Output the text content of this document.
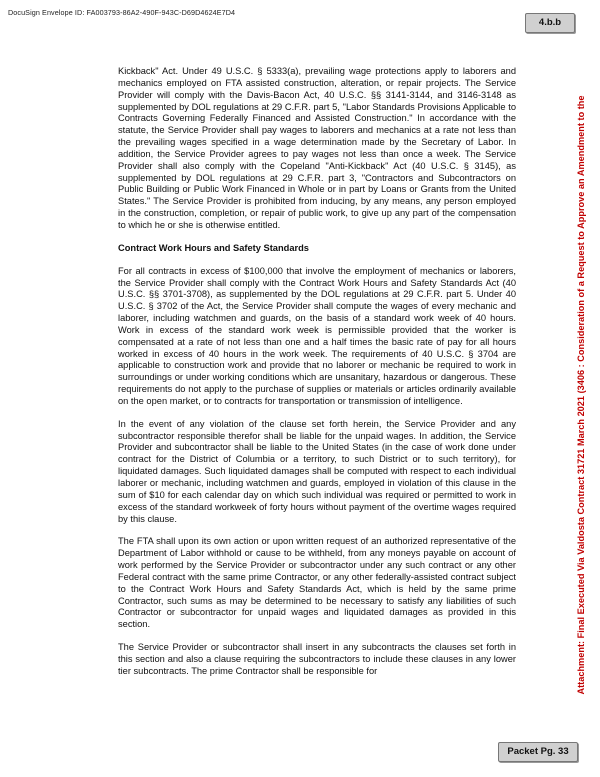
DocuSign Envelope ID: FA003793-86A2-490F-943C-D69D4624E7D4
4.b.b
Attachment: Final Executed Via Valdosta Contract 31721 March 2021 (3406 : Consideration of a Request to Approve an Amendment to the

Kickback" Act. Under 49 U.S.C. § 5333(a), prevailing wage protections apply to laborers and mechanics employed on FTA assisted construction, alteration, or repair projects. The Service Provider will comply with the Davis-Bacon Act, 40 U.S.C. §§ 3141-3144, and 3146-3148 as supplemented by DOL regulations at 29 C.F.R. part 5, "Labor Standards Provisions Applicable to Contracts Governing Federally Financed and Assisted Construction." In accordance with the statute, the Service Provider shall pay wages to laborers and mechanics at a rate not less than the prevailing wages specified in a wage determination made by the Secretary of Labor. In addition, the Service Provider agrees to pay wages not less than once a week. The Service Provider shall also comply with the Copeland "Anti-Kickback" Act (40 U.S.C. § 3145), as supplemented by DOL regulations at 29 C.F.R. part 3, "Contractors and Subcontractors on Public Building or Public Work Financed in Whole or in part by Loans or Grants from the United States." The Service Provider is prohibited from inducing, by any means, any person employed in the construction, completion, or repair of public work, to give up any part of the compensation to which he or she is otherwise entitled.

Contract Work Hours and Safety Standards

For all contracts in excess of $100,000 that involve the employment of mechanics or laborers, the Service Provider shall comply with the Contract Work Hours and Safety Standards Act (40 U.S.C. §§ 3701-3708), as supplemented by the DOL regulations at 29 C.F.R. part 5. Under 40 U.S.C. § 3702 of the Act, the Service Provider shall compute the wages of every mechanic and laborer, including watchmen and guards, on the basis of a standard work week of 40 hours. Work in excess of the standard work week is permissible provided that the worker is compensated at a rate of not less than one and a half times the basic rate of pay for all hours worked in excess of 40 hours in the work week. The requirements of 40 U.S.C. § 3704 are applicable to construction work and provide that no laborer or mechanic be required to work in surroundings or under working conditions which are unsanitary, hazardous or dangerous. These requirements do not apply to the purchase of supplies or materials or articles ordinarily available on the open market, or to contracts for transportation or transmission of intelligence.

In the event of any violation of the clause set forth herein, the Service Provider and any subcontractor responsible therefor shall be liable for the unpaid wages. In addition, the Service Provider and subcontractor shall be liable to the United States (in the case of work done under contract for the District of Columbia or a territory, to such District or to such territory), for liquidated damages. Such liquidated damages shall be computed with respect to each individual laborer or mechanic, including watchmen and guards, employed in violation of this clause in the sum of $10 for each calendar day on which such individual was required or permitted to work in excess of the standard workweek of forty hours without payment of the overtime wages required by this clause.

The FTA shall upon its own action or upon written request of an authorized representative of the Department of Labor withhold or cause to be withheld, from any moneys payable on account of work performed by the Service Provider or subcontractor under any such contract or any other Federal contract with the same prime Contractor, or any other federally-assisted contract subject to the Contract Work Hours and Safety Standards Act, which is held by the same prime Contractor, such sums as may be determined to be necessary to satisfy any liabilities of such Contractor or subcontractor for unpaid wages and liquidated damages as provided in this section.

The Service Provider or subcontractor shall insert in any subcontracts the clauses set forth in this section and also a clause requiring the subcontractors to include these clauses in any lower tier subcontracts. The prime Contractor shall be responsible for

Packet Pg. 33
